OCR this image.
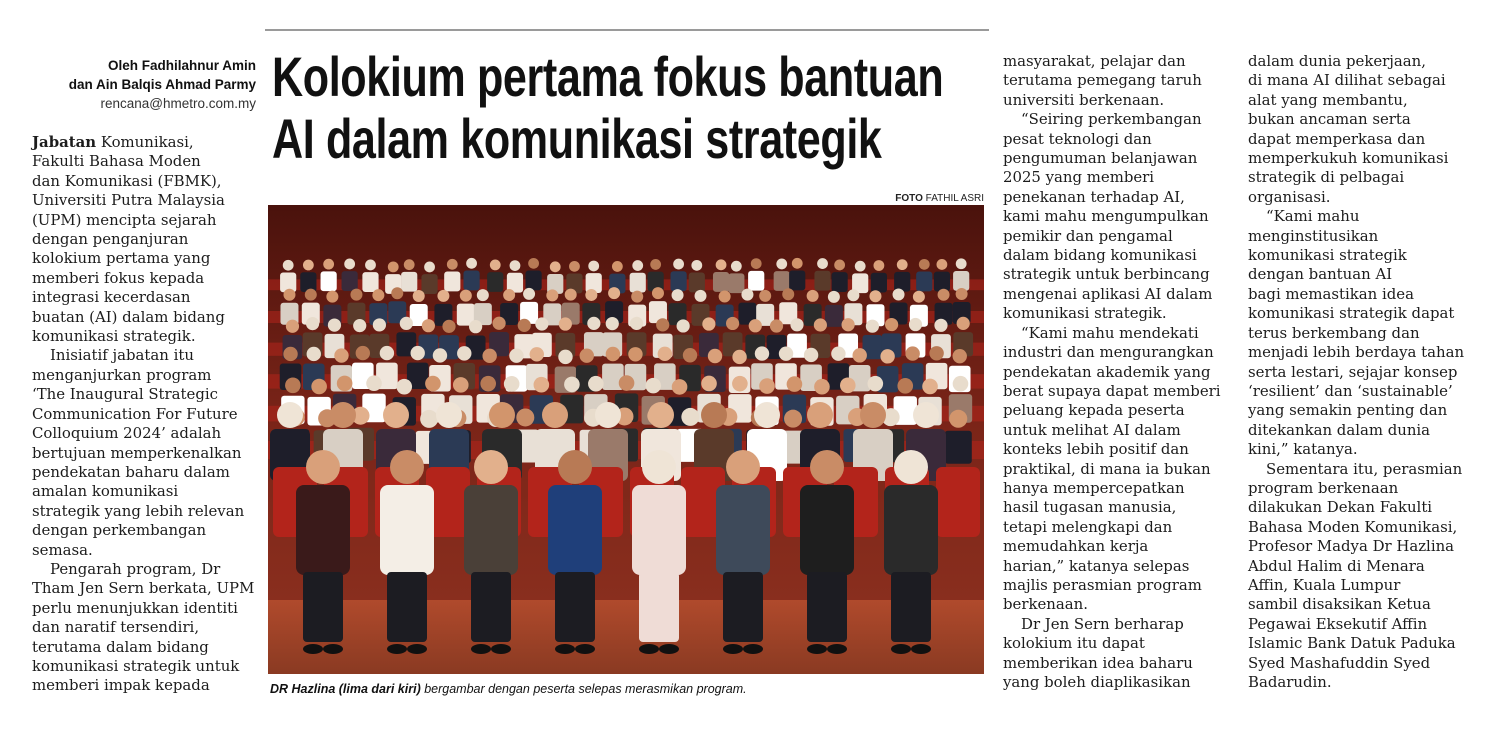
Oleh Fadhilahnur Amin
dan Ain Balqis Ahmad Parmy
rencana@hmetro.com.my Kolokium pertama fokus bantuan
AI dalam komunikasi strategik
FOTO FATHIL ASRI
DR Hazlina (lima dari kiri) bergambar dengan peserta selepas merasmikan program.

Jabatan Komunikasi,
Fakulti Bahasa Moden
dan Komunikasi (FBMK),
Universiti Putra Malaysia
(UPM) mencipta sejarah
dengan penganjuran
kolokium pertama yang
memberi fokus kepada
integrasi kecerdasan
buatan (AI) dalam bidang
komunikasi strategik.

Inisiatif jabatan itu
menganjurkan program
‘The Inaugural Strategic
Communication For Future
Colloquium 2024’ adalah
bertujuan memperkenalkan
pendekatan baharu dalam
amalan komunikasi
strategik yang lebih relevan
dengan perkembangan
semasa.

Pengarah program, Dr
Tham Jen Sern berkata, UPM
perlu menunjukkan identiti
dan naratif tersendiri,
terutama dalam bidang
komunikasi strategik untuk
memberi impak kepada

masyarakat, pelajar dan
terutama pemegang taruh
universiti berkenaan.

“Seiring perkembangan
pesat teknologi dan
pengumuman belanjawan
2025 yang memberi
penekanan terhadap AI,
kami mahu mengumpulkan
pemikir dan pengamal
dalam bidang komunikasi
strategik untuk berbincang
mengenai aplikasi AI dalam
komunikasi strategik.

“Kami mahu mendekati
industri dan mengurangkan
pendekatan akademik yang
berat supaya dapat memberi
peluang kepada peserta
untuk melihat AI dalam
konteks lebih positif dan
praktikal, di mana ia bukan
hanya mempercepatkan
hasil tugasan manusia,
tetapi melengkapi dan
memudahkan kerja
harian,” katanya selepas
majlis perasmian program
berkenaan.

Dr Jen Sern berharap
kolokium itu dapat
memberikan idea baharu
yang boleh diaplikasikan

dalam dunia pekerjaan,
di mana AI dilihat sebagai
alat yang membantu,
bukan ancaman serta
dapat memperkasa dan
memperkukuh komunikasi
strategik di pelbagai
organisasi.

“Kami mahu
menginstitusikan
komunikasi strategik
dengan bantuan AI
bagi memastikan idea
komunikasi strategik dapat
terus berkembang dan
menjadi lebih berdaya tahan
serta lestari, sejajar konsep
‘resilient’ dan ‘sustainable’
yang semakin penting dan
ditekankan dalam dunia
kini,” katanya.

Sementara itu, perasmian
program berkenaan
dilakukan Dekan Fakulti
Bahasa Moden Komunikasi,
Profesor Madya Dr Hazlina
Abdul Halim di Menara
Affin, Kuala Lumpur
sambil disaksikan Ketua
Pegawai Eksekutif Affin
Islamic Bank Datuk Paduka
Syed Mashafuddin Syed
Badarudin.
